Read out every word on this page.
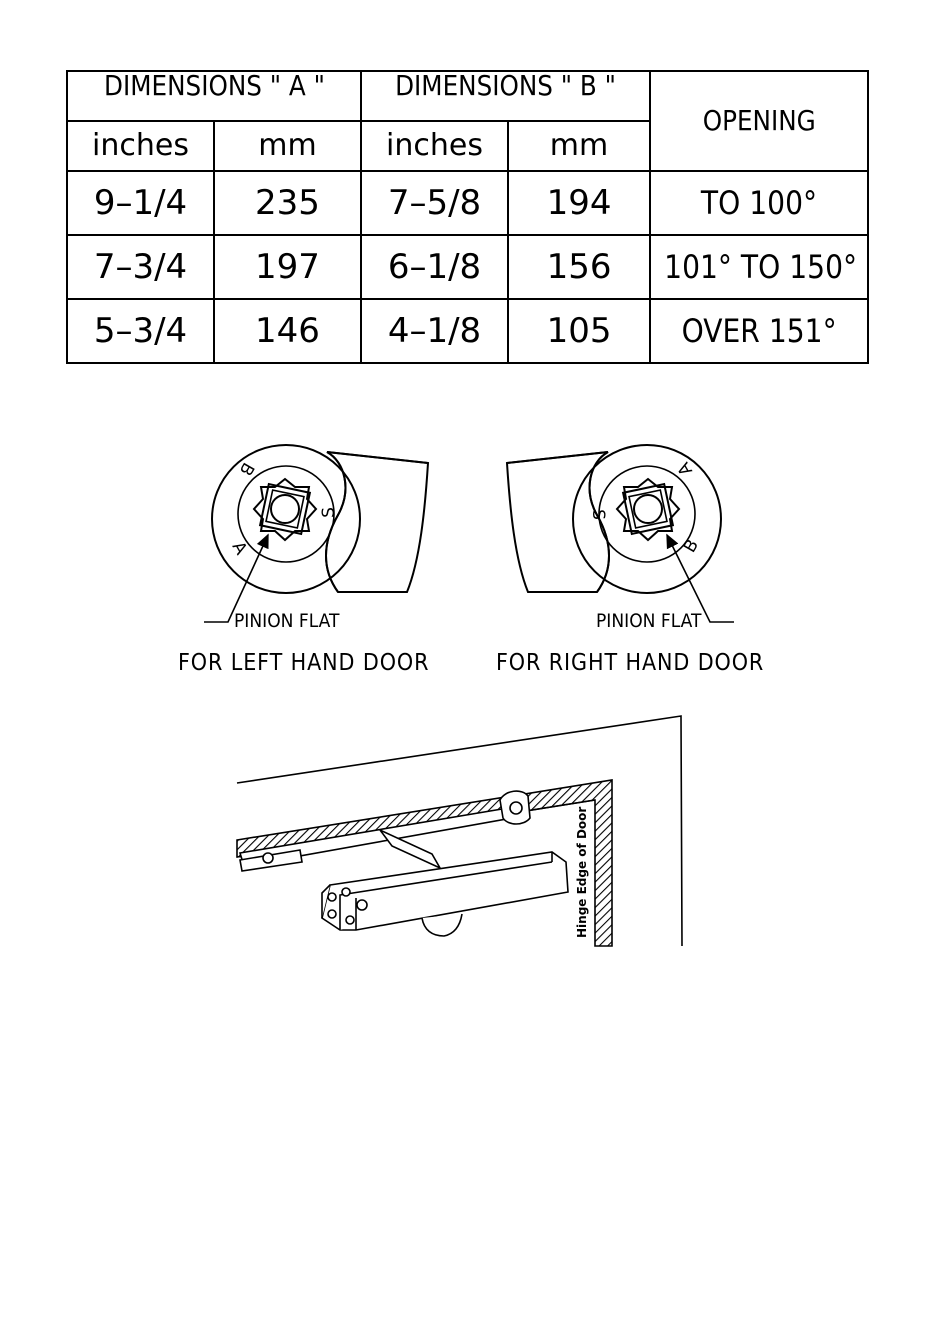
DIMENSIONS " A "		DIMENSIONS " B "		OPENING
inches	mm	inches	mm	
9–1/4	235	7–5/8	194	TO 100°
7–3/4	197	6–1/8	156	101° TO 150°
5–3/4	146	4–1/8	105	OVER 151°
B
A
S
A
B
S
PINION FLAT	PINION FLAT
FOR LEFT HAND DOOR	FOR RIGHT HAND DOOR
Hinge Edge of Door
